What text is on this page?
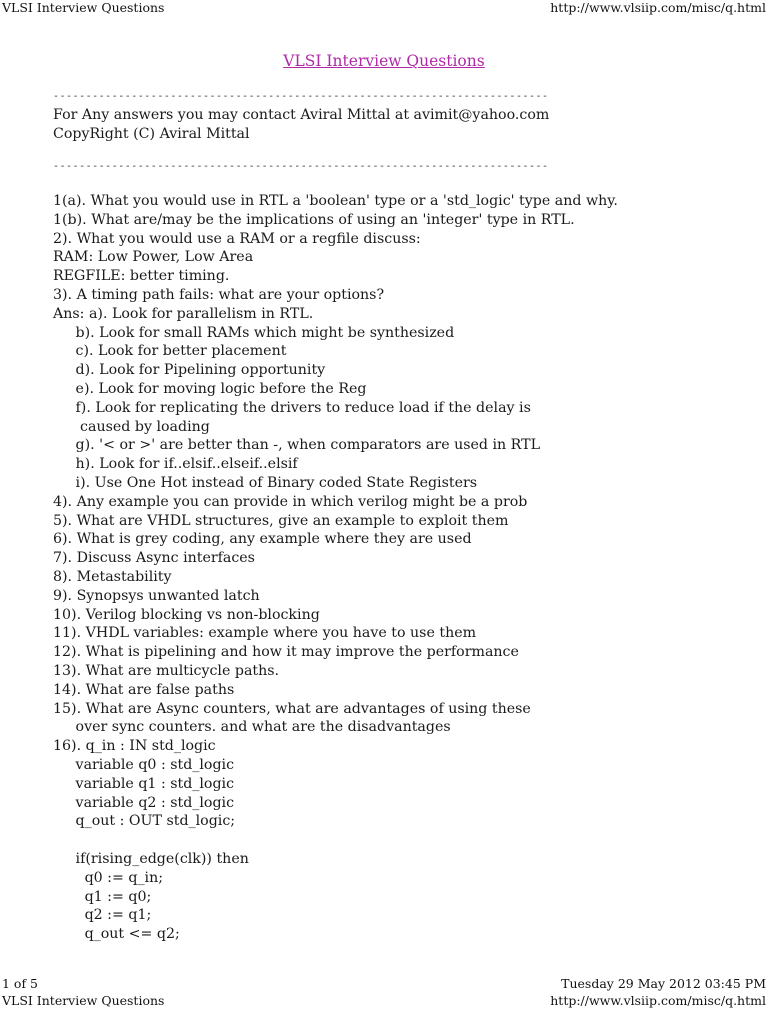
VLSI Interview Questions	http://www.vlsiip.com/misc/q.html
VLSI Interview Questions
----------------------------------------------------------------------------
For Any answers you may contact Aviral Mittal at avimit@yahoo.com
CopyRight (C) Aviral Mittal
----------------------------------------------------------------------------
1(a). What you would use in RTL a 'boolean' type or a 'std_logic' type and why.
1(b). What are/may be the implications of using an 'integer' type in RTL.
2). What you would use a RAM or a regfile discuss:
RAM: Low Power, Low Area
REGFILE: better timing.
3). A timing path fails: what are your options?
Ans: a). Look for parallelism in RTL.
b). Look for small RAMs which might be synthesized
c). Look for better placement
d). Look for Pipelining opportunity
e). Look for moving logic before the Reg
f). Look for replicating the drivers to reduce load if the delay is
caused by loading
g). '< or >' are better than -, when comparators are used in RTL
h). Look for if..elsif..elseif..elsif
i). Use One Hot instead of Binary coded State Registers
4). Any example you can provide in which verilog might be a prob
5). What are VHDL structures, give an example to exploit them
6). What is grey coding, any example where they are used
7). Discuss Async interfaces
8). Metastability
9). Synopsys unwanted latch
10). Verilog blocking vs non-blocking
11). VHDL variables: example where you have to use them
12). What is pipelining and how it may improve the performance
13). What are multicycle paths.
14). What are false paths
15). What are Async counters, what are advantages of using these
over sync counters. and what are the disadvantages
16). q_in : IN std_logic
variable q0 : std_logic
variable q1 : std_logic
variable q2 : std_logic
q_out : OUT std_logic;
if(rising_edge(clk)) then
q0 := q_in;
q1 := q0;
q2 := q1;
q_out <= q2;
1 of 5	Tuesday 29 May 2012 03:45 PM
VLSI Interview Questions	http://www.vlsiip.com/misc/q.html
